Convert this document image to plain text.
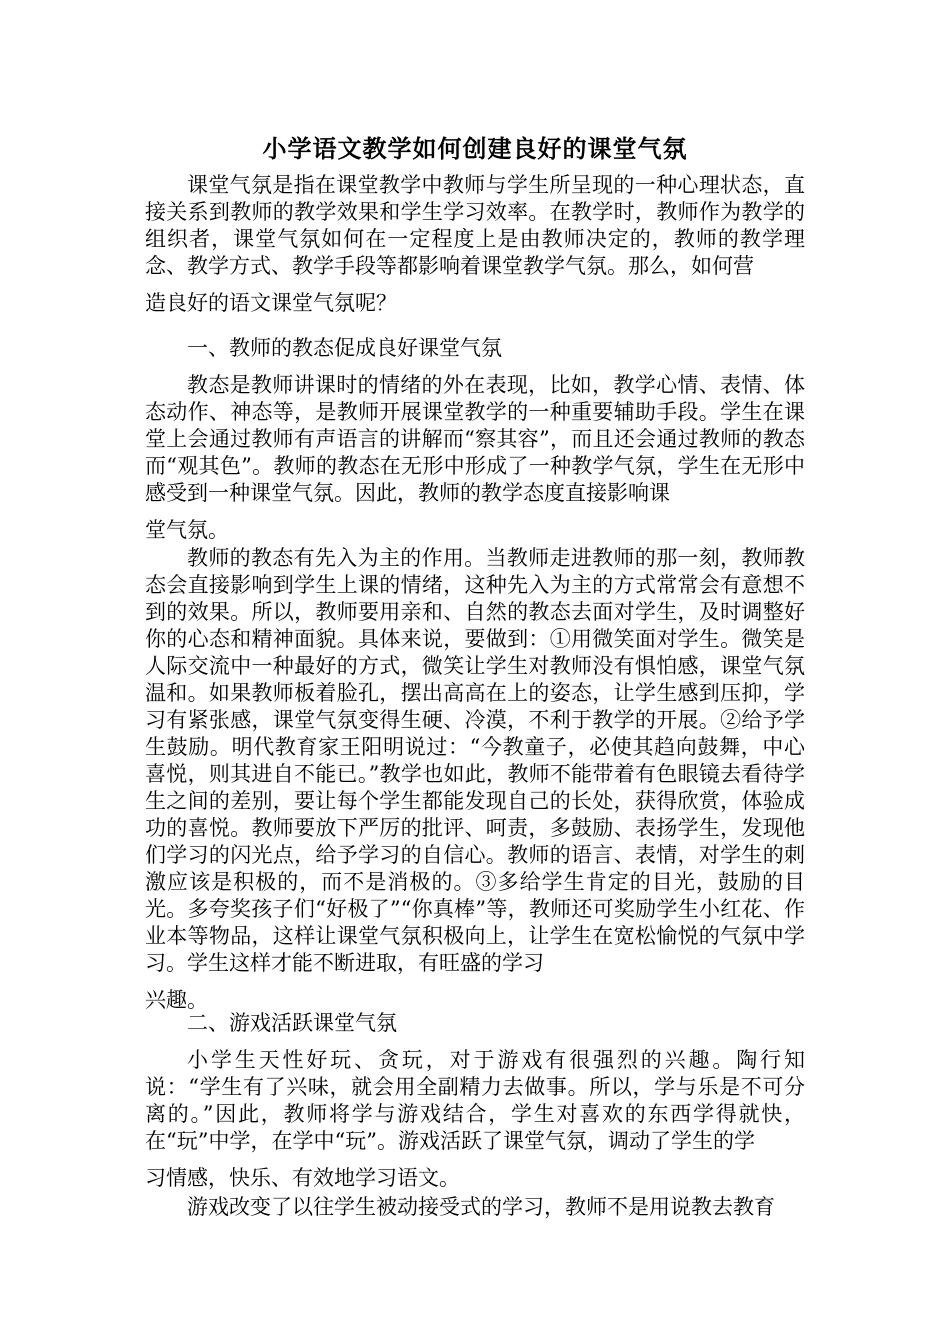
小学语文教学如何创建良好的课堂气氛

课堂气氛是指在课堂教学中教师与学生所呈现的一种心理状态，直接关系到教师的教学效果和学生学习效率。在教学时，教师作为教学的组织者，课堂气氛如何在一定程度上是由教师决定的，教师的教学理念、教学方式、教学手段等都影响着课堂教学气氛。那么，如何营
造良好的语文课堂气氛呢？

一、教师的教态促成良好课堂气氛

教态是教师讲课时的情绪的外在表现，比如，教学心情、表情、体态动作、神态等，是教师开展课堂教学的一种重要辅助手段。学生在课堂上会通过教师有声语言的讲解而“察其容”，而且还会通过教师的教态而“观其色”。教师的教态在无形中形成了一种教学气氛，学生在无形中感受到一种课堂气氛。因此，教师的教学态度直接影响课
堂气氛。

教师的教态有先入为主的作用。当教师走进教师的那一刻，教师教态会直接影响到学生上课的情绪，这种先入为主的方式常常会有意想不到的效果。所以，教师要用亲和、自然的教态去面对学生，及时调整好你的心态和精神面貌。具体来说，要做到：①用微笑面对学生。微笑是人际交流中一种最好的方式，微笑让学生对教师没有惧怕感，课堂气氛温和。如果教师板着脸孔，摆出高高在上的姿态，让学生感到压抑，学习有紧张感，课堂气氛变得生硬、冷漠，不利于教学的开展。②给予学生鼓励。明代教育家王阳明说过：“今教童子，必使其趋向鼓舞，中心喜悦，则其进自不能已。”教学也如此，教师不能带着有色眼镜去看待学生之间的差别，要让每个学生都能发现自己的长处，获得欣赏，体验成功的喜悦。教师要放下严厉的批评、呵责，多鼓励、表扬学生，发现他们学习的闪光点，给予学习的自信心。教师的语言、表情，对学生的刺激应该是积极的，而不是消极的。③多给学生肯定的目光，鼓励的目光。多夸奖孩子们“好极了”“你真棒”等，教师还可奖励学生小红花、作业本等物品，这样让课堂气氛积极向上，让学生在宽松愉悦的气氛中学习。学生这样才能不断进取，有旺盛的学习
兴趣。

二、游戏活跃课堂气氛

小学生天性好玩、贪玩，对于游戏有很强烈的兴趣。陶行知说：“学生有了兴味，就会用全副精力去做事。所以，学与乐是不可分离的。”因此，教师将学与游戏结合，学生对喜欢的东西学得就快，在“玩”中学，在学中“玩”。游戏活跃了课堂气氛，调动了学生的学
习情感，快乐、有效地学习语文。

游戏改变了以往学生被动接受式的学习，教师不是用说教去教育
